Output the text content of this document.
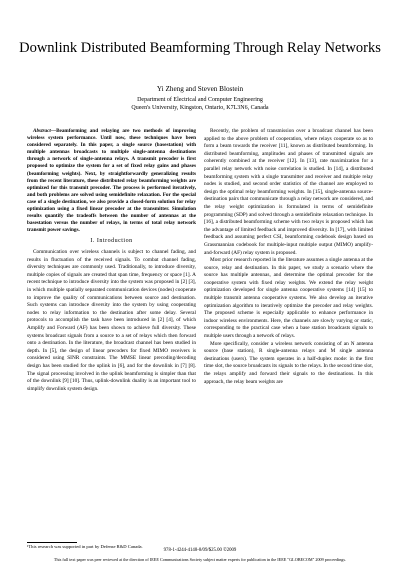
Downlink Distributed Beamforming Through Relay Networks
Yi Zheng and Steven Blostein
Department of Electrical and Computer Engineering
Queen's University, Kingston, Ontario, K7L3N6, Canada

Abstract—Beamforming and relaying are two methods of improving wireless system performance. Until now, these techniques have been considered separately. In this paper, a single source (basestation) with multiple antennas broadcasts to multiple single-antenna destinations through a network of single-antenna relays. A transmit precoder is first proposed to optimize the system for a set of fixed relay gains and phases (beamforming weights). Next, by straightforwardly generalizing results from the recent literature, these distributed relay beamforming weights are optimized for this transmit precoder. The process is performed iteratively, and both problems are solved using semidefinite relaxation. For the special case of a single destination, we also provide a closed-form solution for relay optimization using a fixed linear precoder at the transmitter. Simulation results quantify the tradeoffs between the number of antennas at the basestation versus the number of relays, in terms of total relay network transmit power savings.

I. Introduction

Communication over wireless channels is subject to channel fading, and results in fluctuation of the received signals. To combat channel fading, diversity techniques are commonly used. Traditionally, to introduce diversity, multiple copies of signals are created that span time, frequency or space [1]. A recent technique to introduce diversity into the system was proposed in [2] [3], in which multiple spatially separated communication devices (nodes) cooperate to improve the quality of communications between source and destination. Such systems can introduce diversity into the system by using cooperating nodes to relay information to the destination after some delay. Several protocols to accomplish the task have been introduced in [2] [4], of which Amplify and Forward (AF) has been shown to achieve full diversity. These systems broadcast signals from a source to a set of relays which then forward onto a destination. In the literature, the broadcast channel has been studied in depth. In [5], the design of linear precoders for fixed MIMO receivers is considered using SINR constraints. The MMSE linear precoding/decoding design has been studied for the uplink in [6], and for the downlink in [7] [8]. The signal processing involved in the uplink beamforming is simpler than that of the downlink [9] [10]. Thus, uplink-downlink duality is an important tool to simplify downlink system design.

Recently, the problem of transmission over a broadcast channel has been applied to the above problem of cooperation, where relays cooperate so as to form a beam towards the receiver [11], known as distributed beamforming. In distributed beamforming, amplitudes and phases of transmitted signals are coherently combined at the receiver [12]. In [13], rate maximization for a parallel relay network with noise correlation is studied. In [14], a distributed beamforming system with a single transmitter and receiver and multiple relay nodes is studied, and second order statistics of the channel are employed to design the optimal relay beamforming weights. In [15], single-antenna source-destination pairs that communicate through a relay network are considered, and the relay weight optimization is formulated in terms of semidefinite programming (SDP) and solved through a semidefinite relaxation technique. In [16], a distributed beamforming scheme with two relays is proposed which has the advantage of limited feedback and improved diversity. In [17], with limited feedback and assuming perfect CSI, beamforming codebook design based on Grassmannian codebook for multiple-input multiple output (MIMO) amplify-and-forward (AF) relay system is proposed.

Most prior research reported in the literature assumes a single antenna at the source, relay and destination. In this paper, we study a scenario where the source has multiple antennas, and determine the optimal precoder for the cooperative system with fixed relay weights. We extend the relay weight optimization developed for single antenna cooperative systems [14] [15] to multiple transmit antenna cooperative systems. We also develop an iterative optimization algorithm to iteratively optimize the precoder and relay weights. The proposed scheme is especially applicable to enhance performance in indoor wireless environments. Here, the channels are slowly varying or static, corresponding to the practical case when a base station broadcasts signals to multiple users through a network of relays.

More specifically, consider a wireless network consisting of an N antenna source (base station), R single-antenna relays and M single antenna destinations (users). The system operates in a half-duplex mode: in the first time slot, the source broadcasts its signals to the relays. In the second time slot, the relays amplify and forward their signals to the destinations. In this approach, the relay beam weights are

¹This research was supported in part by Defense R&D Canada.
978-1-4244-4148-8/09/$25.00 ©2009
This full text paper was peer reviewed at the direction of IEEE Communications Society subject matter experts for publication in the IEEE "GLOBECOM" 2009 proceedings.
